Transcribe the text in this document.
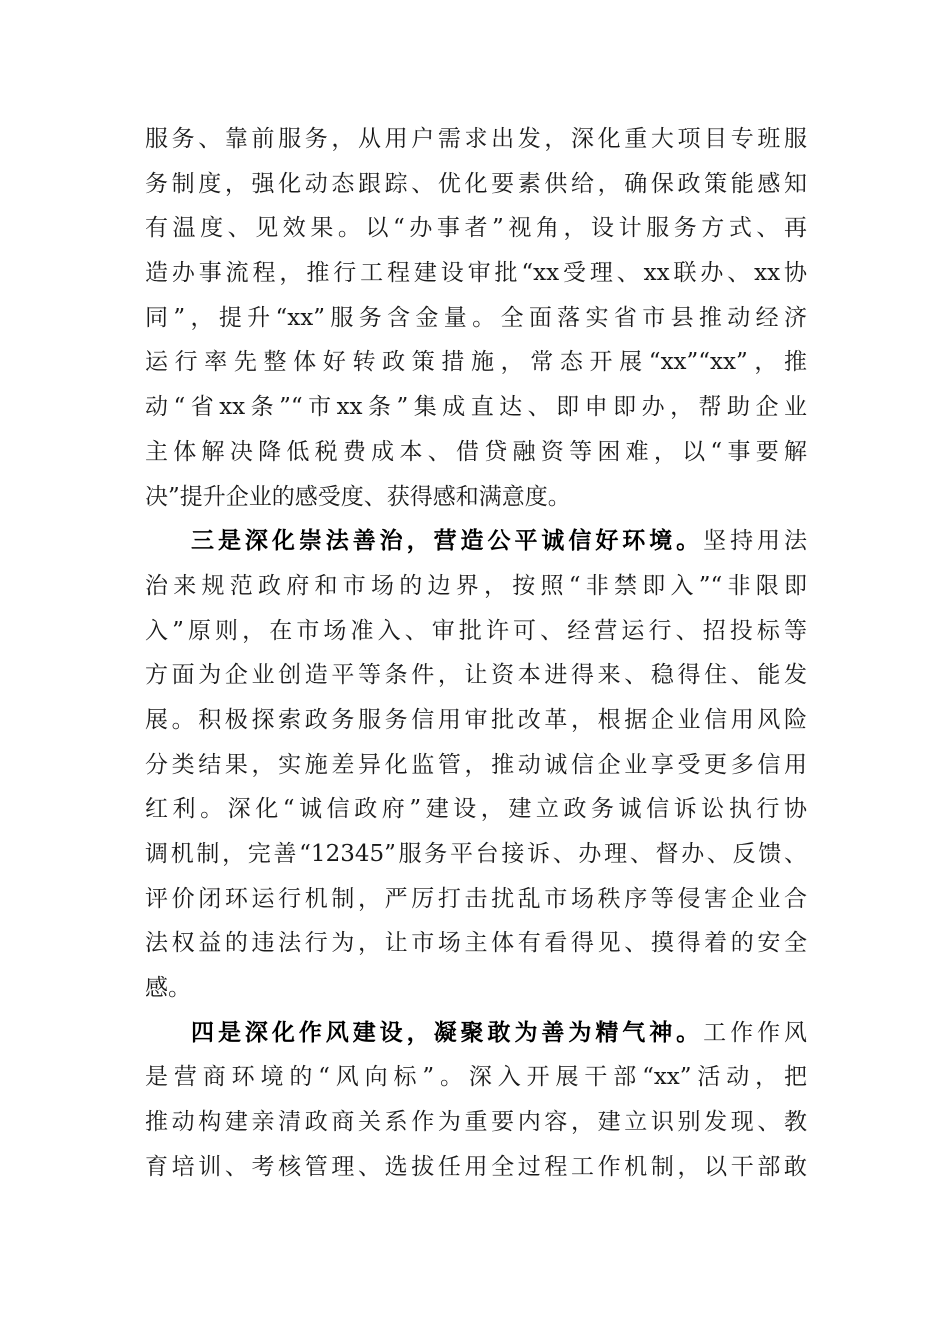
服务、靠前服务，从用户需求出发，深化重大项目专班服
务制度，强化动态跟踪、优化要素供给，确保政策能感知
有温度、见效果。以“办事者”视角，设计服务方式、再
造办事流程，推行工程建设审批“xx受理、xx联办、xx协
同”，提升“xx”服务含金量。全面落实省市县推动经济
运行率先整体好转政策措施，常态开展“xx”“xx”，推
动“省xx条”“市xx条”集成直达、即申即办，帮助企业
主体解决降低税费成本、借贷融资等困难，以“事要解
决”提升企业的感受度、获得感和满意度。
三是深化崇法善治，营造公平诚信好环境。坚持用法
治来规范政府和市场的边界，按照“非禁即入”“非限即
入”原则，在市场准入、审批许可、经营运行、招投标等
方面为企业创造平等条件，让资本进得来、稳得住、能发
展。积极探索政务服务信用审批改革，根据企业信用风险
分类结果，实施差异化监管，推动诚信企业享受更多信用
红利。深化“诚信政府”建设，建立政务诚信诉讼执行协
调机制，完善“12345”服务平台接诉、办理、督办、反馈、
评价闭环运行机制，严厉打击扰乱市场秩序等侵害企业合
法权益的违法行为，让市场主体有看得见、摸得着的安全
感。
四是深化作风建设，凝聚敢为善为精气神。工作作风
是营商环境的“风向标”。深入开展干部“xx”活动，把
推动构建亲清政商关系作为重要内容，建立识别发现、教
育培训、考核管理、选拔任用全过程工作机制，以干部敢
